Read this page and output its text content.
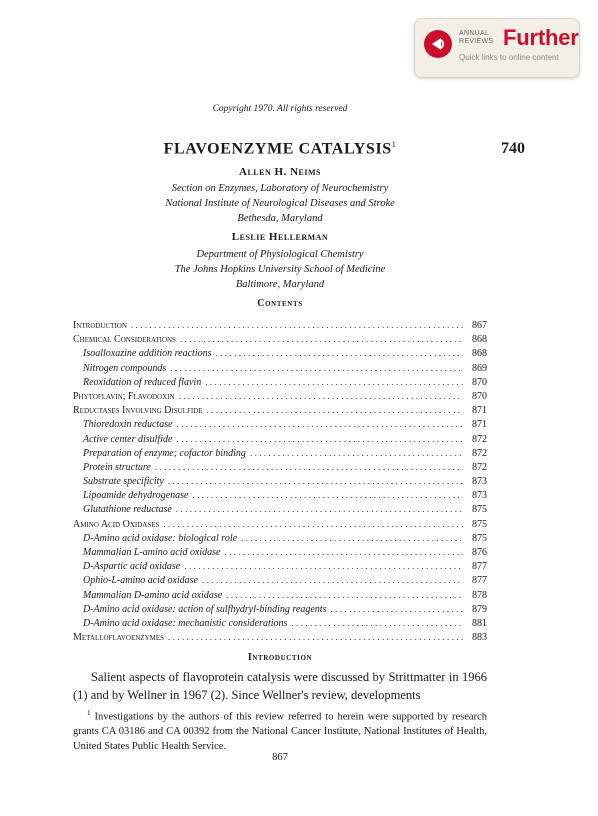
ANNUAL
REVIEWS Further
Quick links to online content
Copyright 1970. All rights reserved
FLAVOENZYME CATALYSIS$^1$	740
Allen H. Neims
Section on Enzymes, Laboratory of Neurochemistry
National Institute of Neurological Diseases and Stroke
Bethesda, Maryland
Leslie Hellerman
Department of Physiological Chemistry
The Johns Hopkins University School of Medicine
Baltimore, Maryland
Contents
Introduction .....	867
Chemical Considerations .....	868
Isoalloxazine addition reactions .....	868
Nitrogen compounds .....	869
Reoxidation of reduced flavin .....	870
Phytoflavin; Flavodoxin .....	870
Reductases Involving Disulfide .....	871
Thioredoxin reductase .....	871
Active center disulfide .....	872
Preparation of enzyme; cofactor binding .....	872
Protein structure .....	872
Substrate specificity .....	873
Lipoamide dehydrogenase .....	873
Glutathione reductase .....	875
Amino Acid Oxidases .....	875
D-Amino acid oxidase: biological role .....	875
Mammalian L-amino acid oxidase .....	876
D-Aspartic acid oxidase .....	877
Ophio-L-amino acid oxidase .....	877
Mammalian D-amino acid oxidase .....	878
D-Amino acid oxidase: action of sulfhydryl-binding reagents .....	879
D-Amino acid oxidase: mechanistic considerations .....	881
Metalloflavoenzymes .....	883
Introduction

Salient aspects of flavoprotein catalysis were discussed by Strittmatter in 1966 (1) and by Wellner in 1967 (2). Since Wellner's review, developments

$^1$ Investigations by the authors of this review referred to herein were supported by research grants CA 03186 and CA 00392 from the National Cancer Institute, National Institutes of Health, United States Public Health Service.

867
